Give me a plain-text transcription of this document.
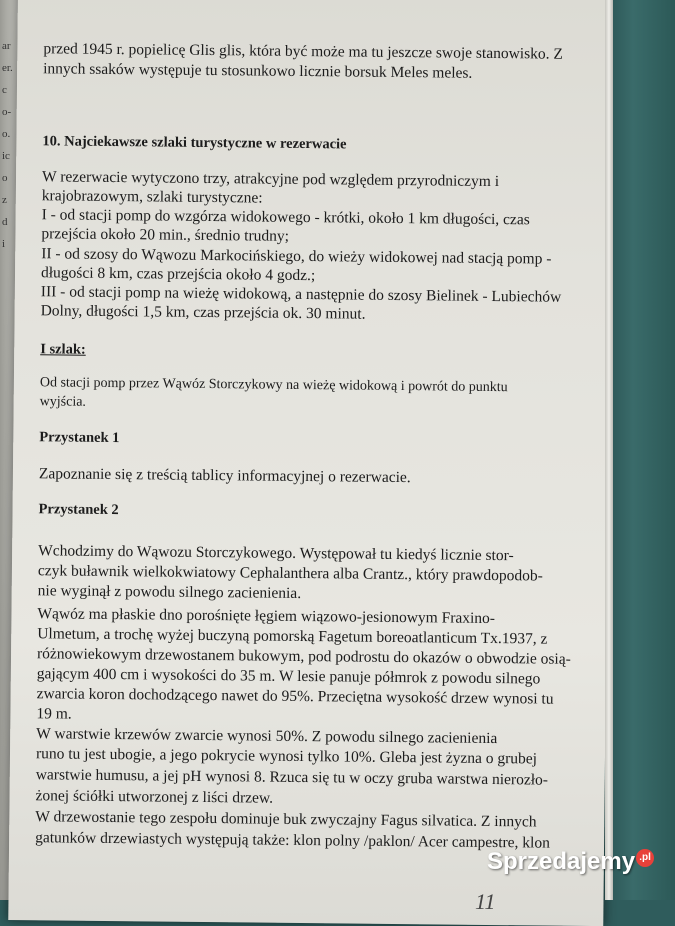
ar
er.
c
o-
o.
ic
o
z
d
i
11
przed 1945 r. popielicę Glis glis, która być może ma tu jeszcze swoje stanowisko. Z
innych ssaków występuje tu stosunkowo licznie borsuk Meles meles.
10. Najciekawsze szlaki turystyczne w rezerwacie
W rezerwacie wytyczono trzy, atrakcyjne pod względem przyrodniczym i
krajobrazowym, szlaki turystyczne:
I - od stacji pomp do wzgórza widokowego - krótki, około 1 km długości, czas
przejścia około 20 min., średnio trudny;
II - od szosy do Wąwozu Markocińskiego, do wieży widokowej nad stacją pomp -
długości 8 km, czas przejścia około 4 godz.;
III - od stacji pomp na wieżę widokową, a następnie do szosy Bielinek - Lubiechów
Dolny, długości 1,5 km, czas przejścia ok. 30 minut.
I szlak:
Od stacji pomp przez Wąwóz Storczykowy na wieżę widokową i powrót do punktu
wyjścia.
Przystanek 1
Zapoznanie się z treścią tablicy informacyjnej o rezerwacie.
Przystanek 2
Wchodzimy do Wąwozu Storczykowego. Występował tu kiedyś licznie stor-
czyk buławnik wielkokwiatowy Cephalanthera alba Crantz., który prawdopodob-
nie wyginął z powodu silnego zacienienia.
Wąwóz ma płaskie dno porośnięte łęgiem wiązowo-jesionowym Fraxino-
Ulmetum, a trochę wyżej buczyną pomorską Fagetum boreoatlanticum Tx.1937, z
różnowiekowym drzewostanem bukowym, pod podrostu do okazów o obwodzie osią-
gającym 400 cm i wysokości do 35 m. W lesie panuje półmrok z powodu silnego
zwarcia koron dochodzącego nawet do 95%. Przeciętna wysokość drzew wynosi tu
19 m.
W warstwie krzewów zwarcie wynosi 50%. Z powodu silnego zacienienia
runo tu jest ubogie, a jego pokrycie wynosi tylko 10%. Gleba jest żyzna o grubej
warstwie humusu, a jej pH wynosi 8. Rzuca się tu w oczy gruba warstwa nierozło-
żonej ściółki utworzonej z liści drzew.
W drzewostanie tego zespołu dominuje buk zwyczajny Fagus silvatica. Z innych
gatunków drzewiastych występują także: klon polny /paklon/ Acer campestre, klon
Sprzedajemy .pl
